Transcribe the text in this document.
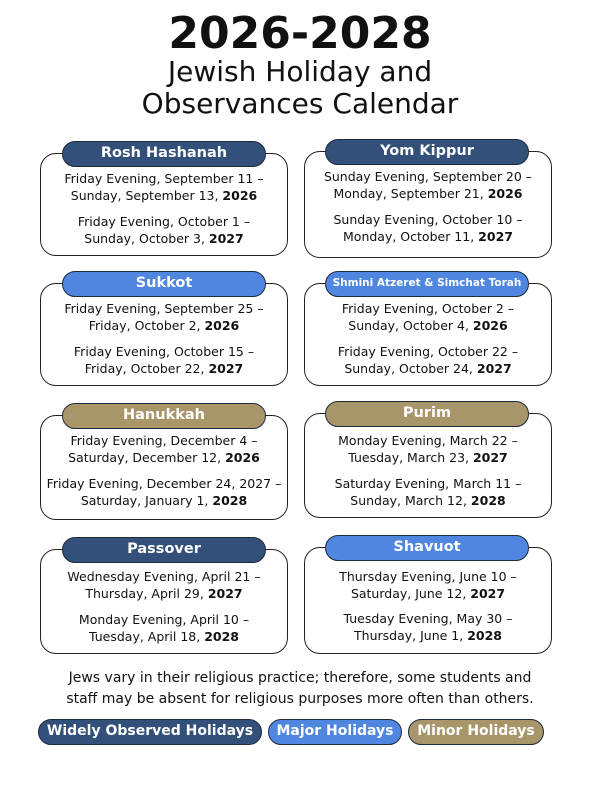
2026-2028
Jewish Holiday and
Observances Calendar
Friday Evening, September 11 –
Sunday, September 13, 2026
Friday Evening, October 1 –
Sunday, October 3, 2027
Rosh Hashanah
Sunday Evening, September 20 –
Monday, September 21, 2026
Sunday Evening, October 10 –
Monday, October 11, 2027
Yom Kippur
Friday Evening, September 25 –
Friday, October 2, 2026
Friday Evening, October 15 –
Friday, October 22, 2027
Sukkot
Friday Evening, October 2 –
Sunday, October 4, 2026
Friday Evening, October 22 –
Sunday, October 24, 2027
Shmini Atzeret & Simchat Torah
Friday Evening, December 4 –
Saturday, December 12, 2026
Friday Evening, December 24, 2027 –
Saturday, January 1, 2028
Hanukkah
Monday Evening, March 22 –
Tuesday, March 23, 2027
Saturday Evening, March 11 –
Sunday, March 12, 2028
Purim
Wednesday Evening, April 21 –
Thursday, April 29, 2027
Monday Evening, April 10 –
Tuesday, April 18, 2028
Passover
Thursday Evening, June 10 –
Saturday, June 12, 2027
Tuesday Evening, May 30 –
Thursday, June 1, 2028
Shavuot
Jews vary in their religious practice; therefore, some students and
staff may be absent for religious purposes more often than others.
Widely Observed Holidays	Major Holidays	Minor Holidays
